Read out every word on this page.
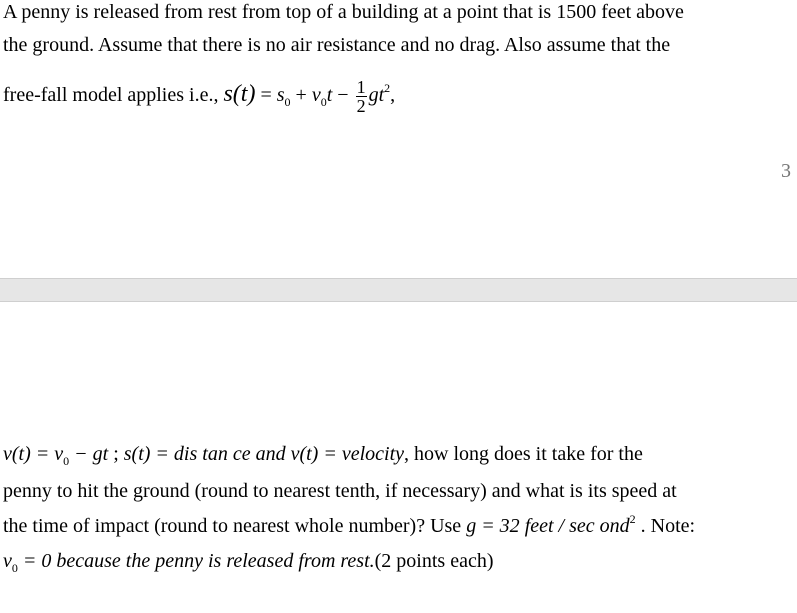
A penny is released from rest from top of a building at a point that is 1500 feet above
the ground. Assume that there is no air resistance and no drag. Also assume that the
free-fall model applies i.e., $s(t) = s_0 + v_0t - \frac{1}{2} gt^2$,
3
$v(t) = v_0$ − gt ; s(t) = dis tan ce and v(t) = velocity, how long does it take for the
penny to hit the ground (round to nearest tenth, if necessary) and what is its speed at
the time of impact (round to nearest whole number)? Use g = 32 feet / sec ond$^2$ . Note:
$v_0 = 0$ because the penny is released from rest.(2 points each)
